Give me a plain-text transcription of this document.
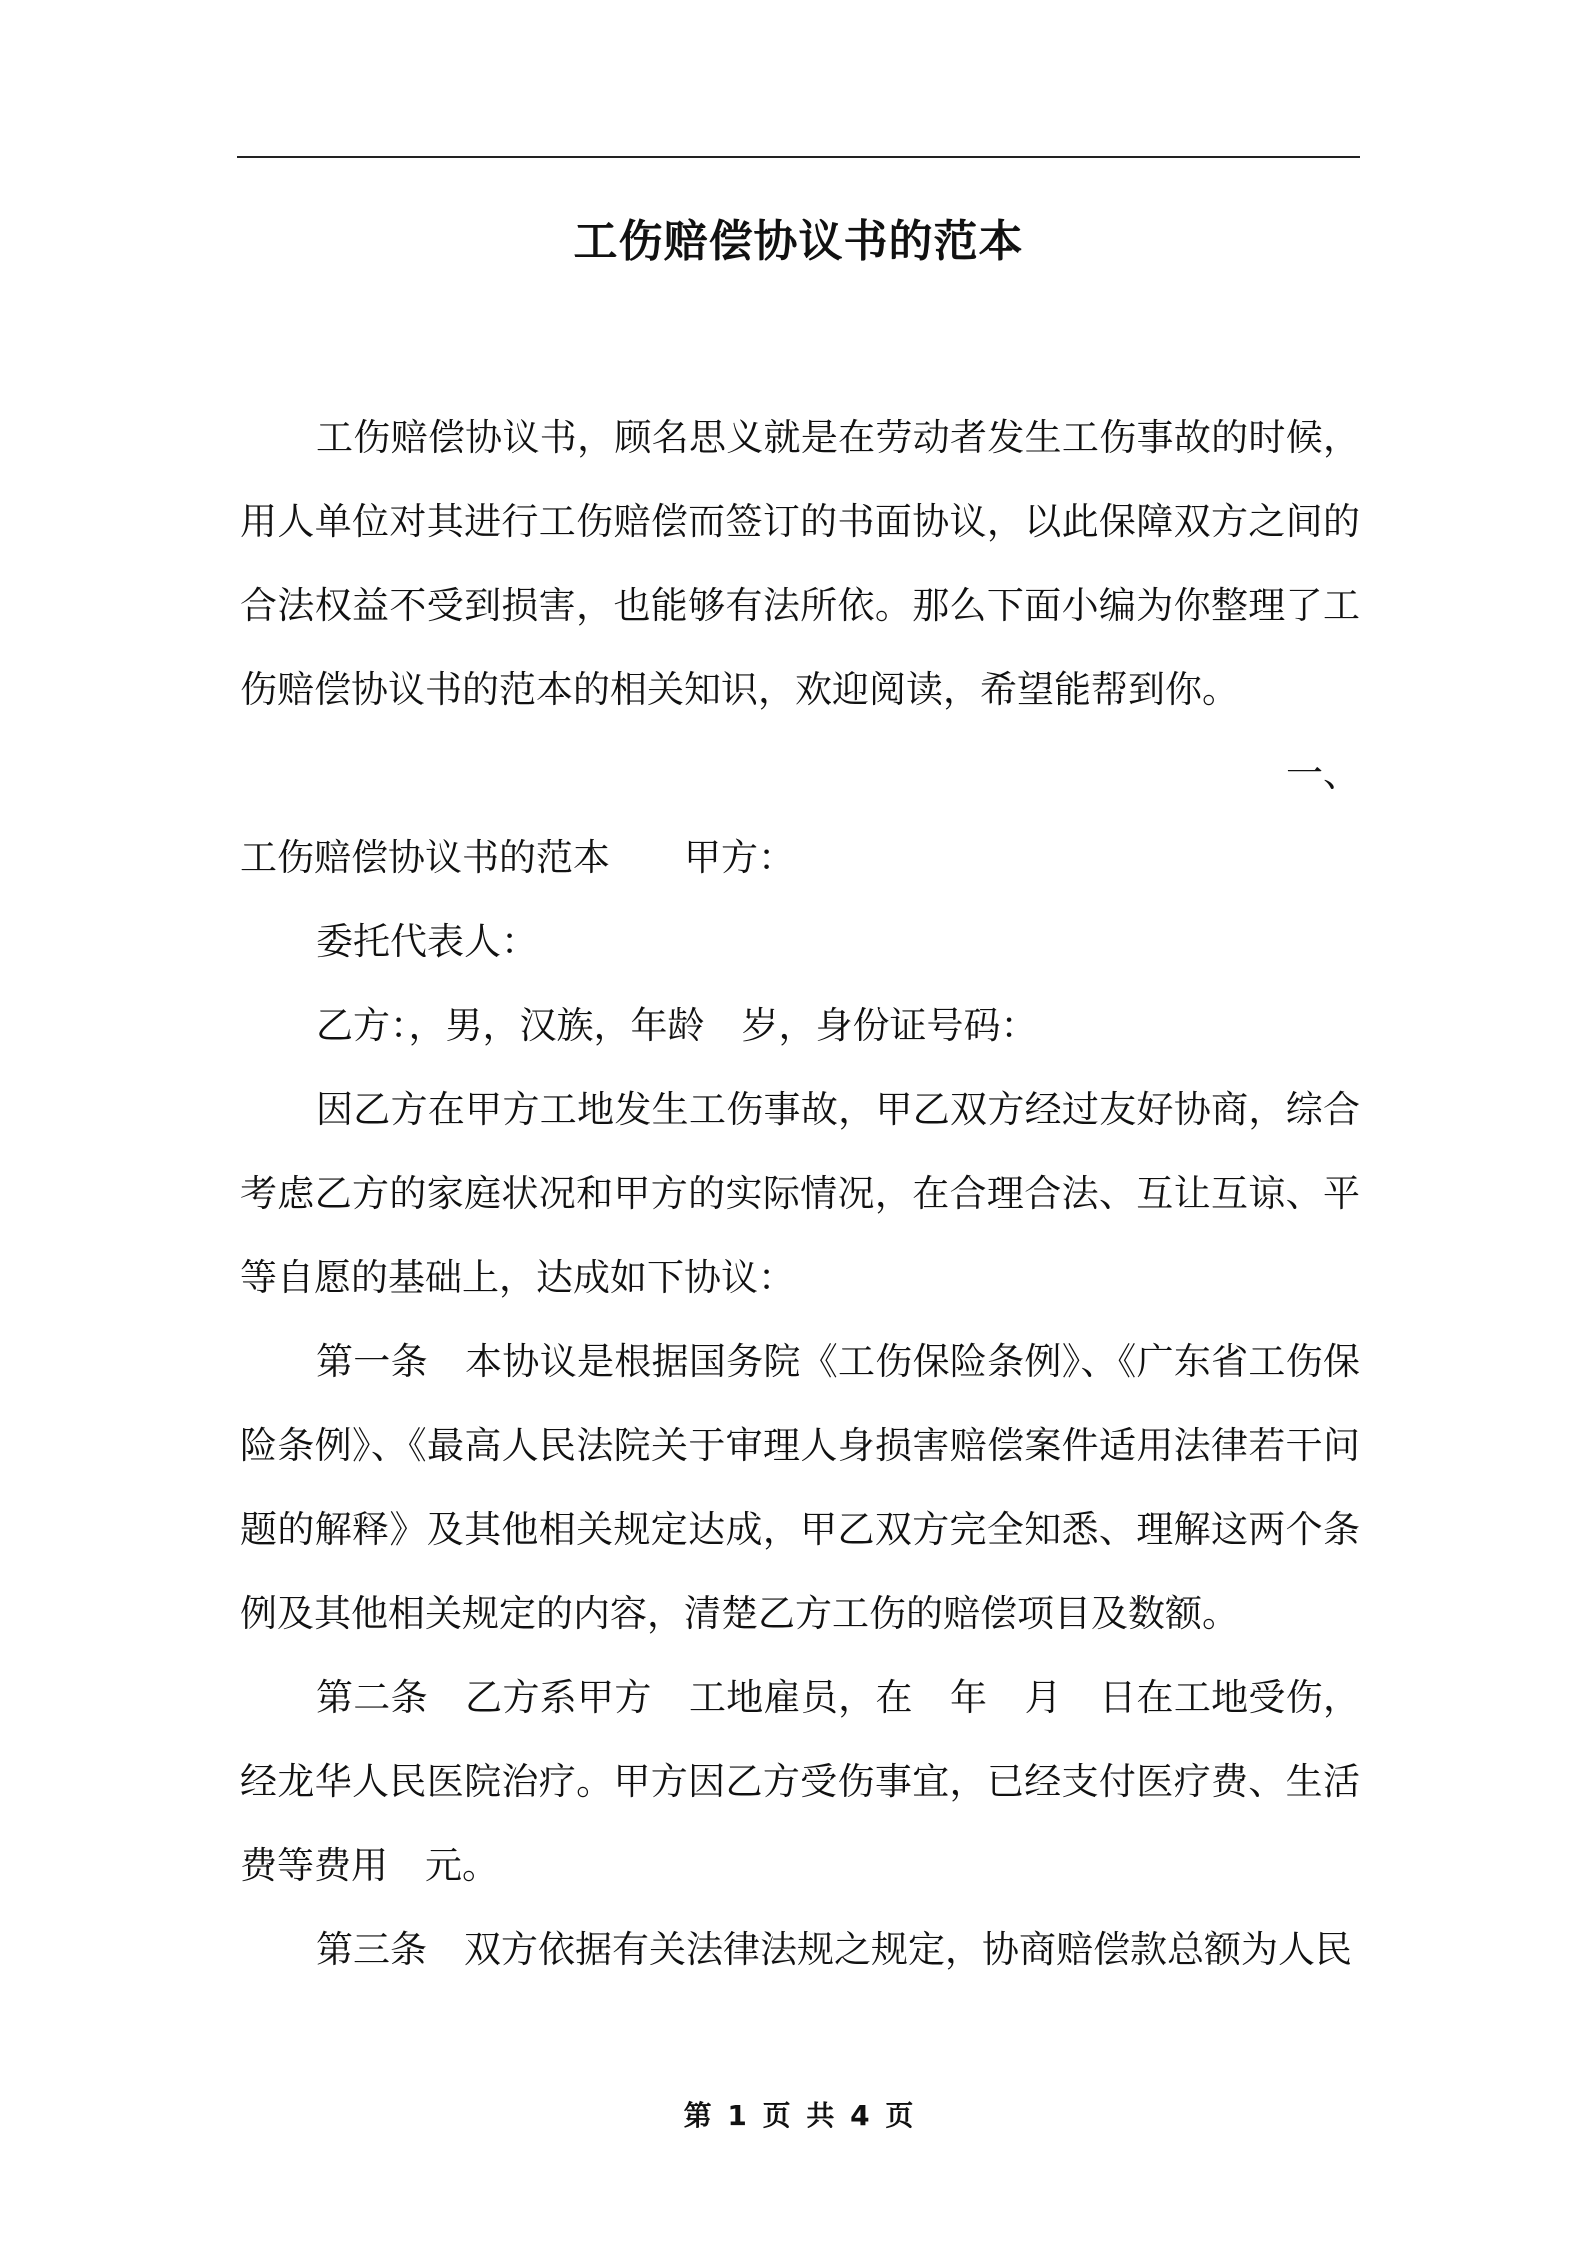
工伤赔偿协议书的范本

工伤赔偿协议书，顾名思义就是在劳动者发生工伤事故的时候，用人单位对其进行工伤赔偿而签订的书面协议，以此保障双方之间的合法权益不受到损害，也能够有法所依。那么下面小编为你整理了工伤赔偿协议书的范本的相关知识，欢迎阅读，希望能帮到你。

一、

工伤赔偿协议书的范本　　甲方：

委托代表人：

乙方：，男，汉族，年龄　岁，身份证号码：

因乙方在甲方工地发生工伤事故，甲乙双方经过友好协商，综合考虑乙方的家庭状况和甲方的实际情况，在合理合法、互让互谅、平等自愿的基础上，达成如下协议：

第一条　本协议是根据国务院《工伤保险条例》、《广东省工伤保险条例》、《最高人民法院关于审理人身损害赔偿案件适用法律若干问题的解释》及其他相关规定达成，甲乙双方完全知悉、理解这两个条例及其他相关规定的内容，清楚乙方工伤的赔偿项目及数额。

第二条　乙方系甲方　工地雇员，在　年　月　日在工地受伤，经龙华人民医院治疗。甲方因乙方受伤事宜，已经支付医疗费、生活费等费用　元。

第三条　双方依据有关法律法规之规定，协商赔偿款总额为人民

第 1 页 共 4 页
